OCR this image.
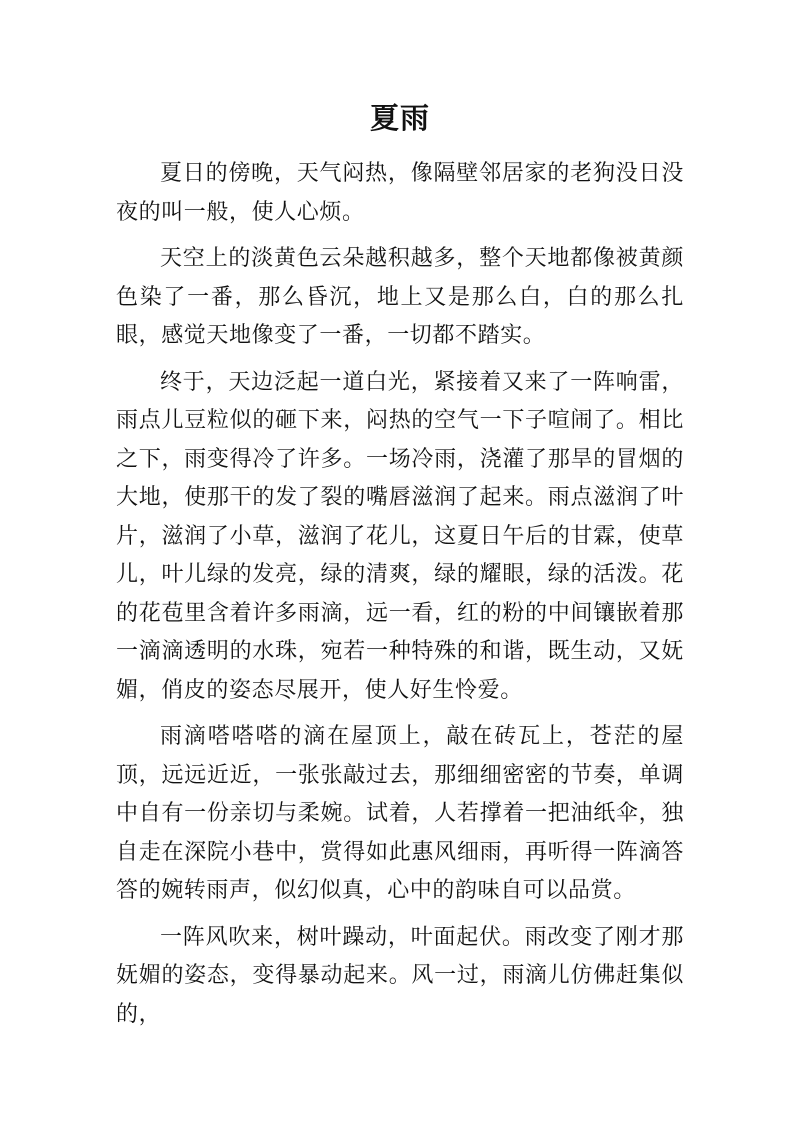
夏雨

夏日的傍晚，天气闷热，像隔壁邻居家的老狗没日没夜的叫一般，使人心烦。

天空上的淡黄色云朵越积越多，整个天地都像被黄颜色染了一番，那么昏沉，地上又是那么白，白的那么扎眼，感觉天地像变了一番，一切都不踏实。

终于，天边泛起一道白光，紧接着又来了一阵响雷，雨点儿豆粒似的砸下来，闷热的空气一下子喧闹了。相比之下，雨变得冷了许多。一场冷雨，浇灌了那旱的冒烟的大地，使那干的发了裂的嘴唇滋润了起来。雨点滋润了叶片，滋润了小草，滋润了花儿，这夏日午后的甘霖，使草儿，叶儿绿的发亮，绿的清爽，绿的耀眼，绿的活泼。花的花苞里含着许多雨滴，远一看，红的粉的中间镶嵌着那一滴滴透明的水珠，宛若一种特殊的和谐，既生动，又妩媚，俏皮的姿态尽展开，使人好生怜爱。

雨滴嗒嗒嗒的滴在屋顶上，敲在砖瓦上，苍茫的屋顶，远远近近，一张张敲过去，那细细密密的节奏，单调中自有一份亲切与柔婉。试着，人若撑着一把油纸伞，独自走在深院小巷中，赏得如此惠风细雨，再听得一阵滴答答的婉转雨声，似幻似真，心中的韵味自可以品赏。

一阵风吹来，树叶躁动，叶面起伏。雨改变了刚才那妩媚的姿态，变得暴动起来。风一过，雨滴儿仿佛赶集似的，
